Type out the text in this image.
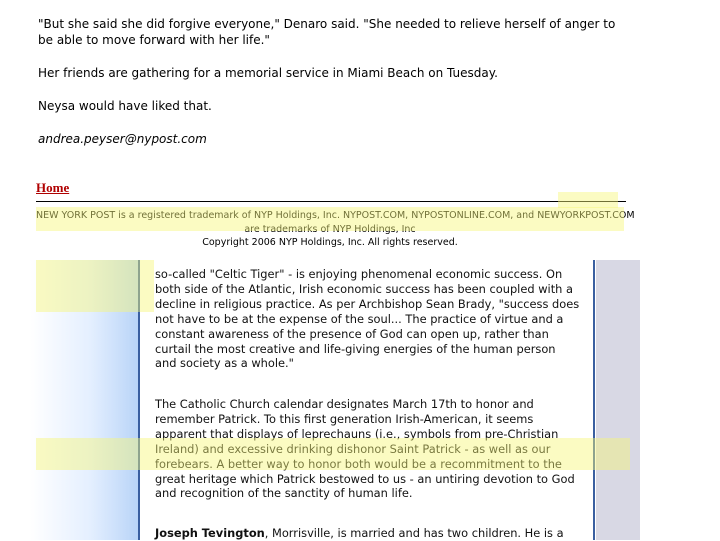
"But she said she did forgive everyone," Denaro said. "She needed to relieve herself of anger to be able to move forward with her life."

Her friends are gathering for a memorial service in Miami Beach on Tuesday.

Neysa would have liked that.

andrea.peyser@nypost.com

Home
NEW YORK POST is a registered trademark of NYP Holdings, Inc. NYPOST.COM, NYPOSTONLINE.COM, and NEWYORKPOST.COM
are trademarks of NYP Holdings, Inc
Copyright 2006 NYP Holdings, Inc. All rights reserved.

so-called "Celtic Tiger" - is enjoying phenomenal economic success. On both side of the Atlantic, Irish economic success has been coupled with a decline in religious practice. As per Archbishop Sean Brady, "success does not have to be at the expense of the soul... The practice of virtue and a constant awareness of the presence of God can open up, rather than curtail the most creative and life-giving energies of the human person and society as a whole."

The Catholic Church calendar designates March 17th to honor and remember Patrick. To this first generation Irish-American, it seems apparent that displays of leprechauns (i.e., symbols from pre-Christian Ireland) and excessive drinking dishonor Saint Patrick - as well as our forebears. A better way to honor both would be a recommitment to the great heritage which Patrick bestowed to us - an untiring devotion to God and recognition of the sanctity of human life.

Joseph Tevington, Morrisville, is married and has two children. He is a
